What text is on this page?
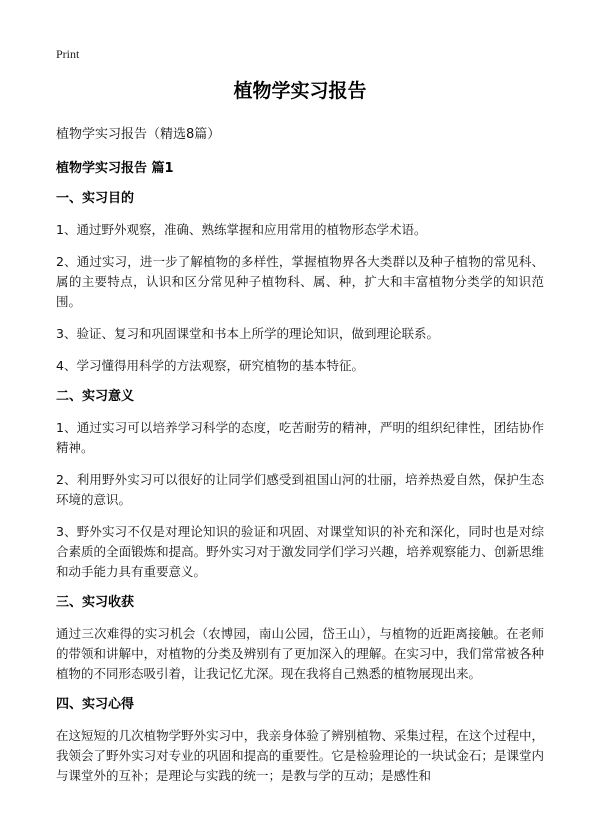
Print
植物学实习报告
植物学实习报告（精选8篇）
植物学实习报告 篇1
一、实习目的

1、通过野外观察，准确、熟练掌握和应用常用的植物形态学术语。

2、通过实习，进一步了解植物的多样性，掌握植物界各大类群以及种子植物的常见科、属的主要特点，认识和区分常见种子植物科、属、种，扩大和丰富植物分类学的知识范围。

3、验证、复习和巩固课堂和书本上所学的理论知识，做到理论联系。

4、学习懂得用科学的方法观察，研究植物的基本特征。

二、实习意义

1、通过实习可以培养学习科学的态度，吃苦耐劳的精神，严明的组织纪律性，团结协作精神。

2、利用野外实习可以很好的让同学们感受到祖国山河的壮丽，培养热爱自然，保护生态环境的意识。

3、野外实习不仅是对理论知识的验证和巩固、对课堂知识的补充和深化，同时也是对综合素质的全面锻炼和提高。野外实习对于激发同学们学习兴趣，培养观察能力、创新思维和动手能力具有重要意义。

三、实习收获

通过三次难得的实习机会（农博园，南山公园，岱王山），与植物的近距离接触。在老师的带领和讲解中，对植物的分类及辨别有了更加深入的理解。在实习中，我们常常被各种植物的不同形态吸引着，让我记忆尤深。现在我将自己熟悉的植物展现出来。

四、实习心得

在这短短的几次植物学野外实习中，我亲身体验了辨别植物、采集过程，在这个过程中，我领会了野外实习对专业的巩固和提高的重要性。它是检验理论的一块试金石；是课堂内与课堂外的互补；是理论与实践的统一；是教与学的互动；是感性和
